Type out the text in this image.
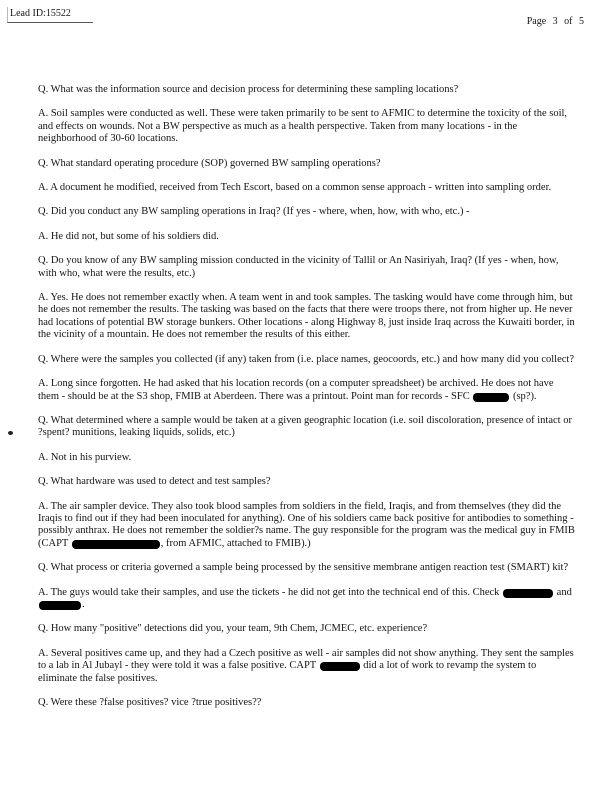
Lead ID:15522
Page 3 of 5

Q. What was the information source and decision process for determining these sampling locations?

A. Soil samples were conducted as well. These were taken primarily to be sent to AFMIC to determine the toxicity of the soil, and effects on wounds. Not a BW perspective as much as a health perspective. Taken from many locations - in the neighborhood of 30-60 locations.

Q. What standard operating procedure (SOP) governed BW sampling operations?

A. A document he modified, received from Tech Escort, based on a common sense approach - written into sampling order.

Q. Did you conduct any BW sampling operations in Iraq? (If yes - where, when, how, with who, etc.) -

A. He did not, but some of his soldiers did.

Q. Do you know of any BW sampling mission conducted in the vicinity of Tallil or An Nasiriyah, Iraq? (If yes - when, how, with who, what were the results, etc.)

A. Yes. He does not remember exactly when. A team went in and took samples. The tasking would have come through him, but he does not remember the results. The tasking was based on the facts that there were troops there, not from higher up. He never had locations of potential BW storage bunkers. Other locations - along Highway 8, just inside Iraq across the Kuwaiti border, in the vicinity of a mountain. He does not remember the results of this either.

Q. Where were the samples you collected (if any) taken from (i.e. place names, geocoords, etc.) and how many did you collect?

A. Long since forgotten. He had asked that his location records (on a computer spreadsheet) be archived. He does not have them - should be at the S3 shop, FMIB at Aberdeen. There was a printout. Point man for records - SFC	(sp?).

Q. What determined where a sample would be taken at a given geographic location (i.e. soil discoloration, presence of intact or ?spent? munitions, leaking liquids, solids, etc.)

A. Not in his purview.

Q. What hardware was used to detect and test samples?

A. The air sampler device. They also took blood samples from soldiers in the field, Iraqis, and from themselves (they did the Iraqis to find out if they had been inoculated for anything). One of his soldiers came back positive for antibodies to something - possibly anthrax. He does not remember the soldier?s name. The guy responsible for the program was the medical guy in FMIB (CAPT	, from AFMIC, attached to FMIB).)

Q. What process or criteria governed a sample being processed by the sensitive membrane antigen reaction test (SMART) kit?

A. The guys would take their samples, and use the tickets - he did not get into the technical end of this. Check	and .

Q. How many "positive" detections did you, your team, 9th Chem, JCMEC, etc. experience?

A. Several positives came up, and they had a Czech positive as well - air samples did not show anything. They sent the samples to a lab in Al Jubayl - they were told it was a false positive. CAPT	did a lot of work to revamp the system to eliminate the false positives.

Q. Were these ?false positives? vice ?true positives??
